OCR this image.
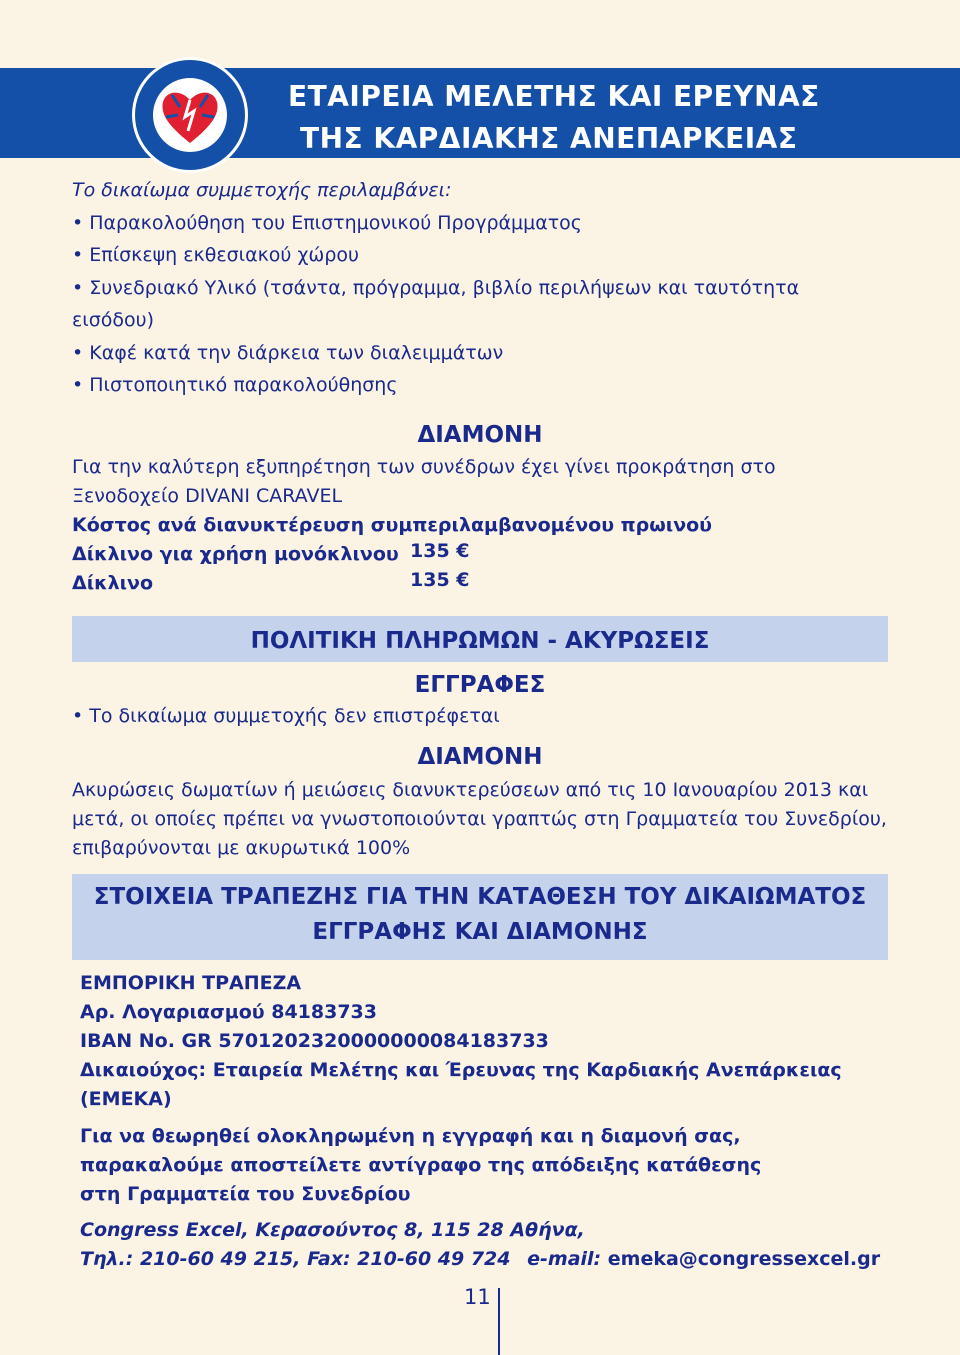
ΕΤΑΙΡΕΙΑ ΜΕΛΕΤΗΣ ΚΑΙ ΕΡΕΥΝΑΣ
ΤΗΣ ΚΑΡΔΙΑΚΗΣ ΑΝΕΠΑΡΚΕΙΑΣ
Το δικαίωμα συμμετοχής περιλαμβάνει:
• Παρακολούθηση του Επιστημονικού Προγράμματος
• Επίσκεψη εκθεσιακού χώρου
• Συνεδριακό Υλικό (τσάντα, πρόγραμμα, βιβλίο περιλήψεων και ταυτότητα
εισόδου)
• Καφέ κατά την διάρκεια των διαλειμμάτων
• Πιστοποιητικό παρακολούθησης
ΔΙΑΜΟΝΗ
Για την καλύτερη εξυπηρέτηση των συνέδρων έχει γίνει προκράτηση στο
Ξενοδοχείο DIVANI CARAVEL
Κόστος ανά διανυκτέρευση συμπεριλαμβανομένου πρωινού
Δίκλινο για χρήση μονόκλινου 135 €
Δίκλινο	135 €
ΠΟΛΙΤΙΚΗ ΠΛΗΡΩΜΩΝ - ΑΚΥΡΩΣΕΙΣ
ΕΓΓΡΑΦΕΣ
• Το δικαίωμα συμμετοχής δεν επιστρέφεται
ΔΙΑΜΟΝΗ
Ακυρώσεις δωματίων ή μειώσεις διανυκτερεύσεων από τις 10 Ιανουαρίου 2013 και
μετά, οι οποίες πρέπει να γνωστοποιούνται γραπτώς στη Γραμματεία του Συνεδρίου,
επιβαρύνονται με ακυρωτικά 100%
ΣΤΟΙΧΕΙΑ ΤΡΑΠΕΖΗΣ ΓΙΑ ΤΗΝ ΚΑΤΑΘΕΣΗ ΤΟΥ ΔΙΚΑΙΩΜΑΤΟΣ
ΕΓΓΡΑΦΗΣ ΚΑΙ ΔΙΑΜΟΝΗΣ
ΕΜΠΟΡΙΚΗ ΤΡΑΠΕΖΑ
Αρ. Λογαριασμού 84183733
IBAN No. GR 5701202320000000084183733
Δικαιούχος: Εταιρεία Μελέτης και Έρευνας της Καρδιακής Ανεπάρκειας
(ΕΜΕΚΑ)
Για να θεωρηθεί ολοκληρωμένη η εγγραφή και η διαμονή σας,
παρακαλούμε αποστείλετε αντίγραφο της απόδειξης κατάθεσης
στη Γραμματεία του Συνεδρίου
Congress Excel, Κερασούντος 8, 115 28 Αθήνα,
Τηλ.: 210-60 49 215, Fax: 210-60 49 724 e-mail: emeka@congressexcel.gr
11
